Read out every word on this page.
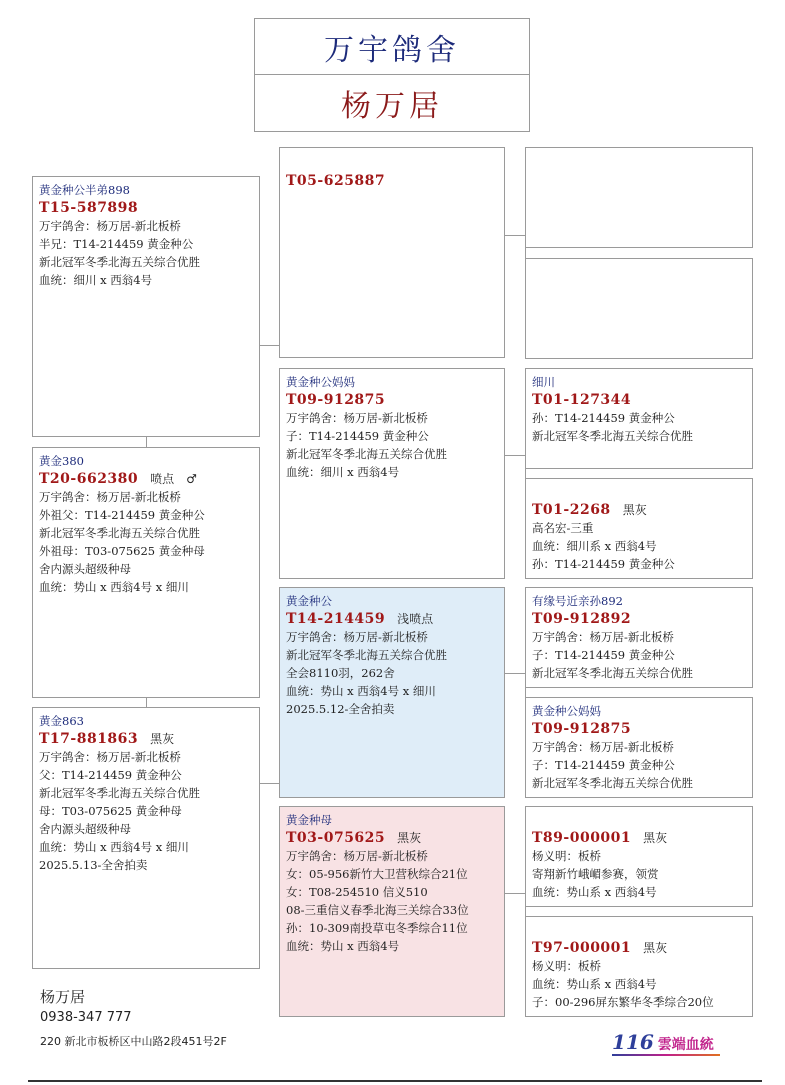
万宇鸽舍
杨万居
黄金种公半弟898
T15-587898
万宇鸽舍：杨万居-新北板桥
半兄：T14-214459 黄金种公
新北冠军冬季北海五关综合优胜
血统：细川 x 西翁4号
黄金380
T20-662380 喷点　♂
万宇鸽舍：杨万居-新北板桥
外祖父：T14-214459 黄金种公
新北冠军冬季北海五关综合优胜
外祖母：T03-075625 黄金种母
舍内源头超级种母
血统：势山 x 西翁4号 x 细川
黄金863
T17-881863 黑灰
万宇鸽舍：杨万居-新北板桥
父：T14-214459 黄金种公
新北冠军冬季北海五关综合优胜
母：T03-075625 黄金种母
舍内源头超级种母
血统：势山 x 西翁4号 x 细川
2025.5.13-全舍拍卖
T05-625887
黄金种公妈妈
T09-912875
万宇鸽舍：杨万居-新北板桥
子：T14-214459 黄金种公
新北冠军冬季北海五关综合优胜
血统：细川 x 西翁4号
黄金种公
T14-214459 浅喷点
万宇鸽舍：杨万居-新北板桥
新北冠军冬季北海五关综合优胜
全会8110羽，262舍
血统：势山 x 西翁4号 x 细川
2025.5.12-全舍拍卖
黄金种母
T03-075625 黑灰
万宇鸽舍：杨万居-新北板桥
女：05-956新竹大卫营秋综合21位
女：T08-254510 信义510
08-三重信义春季北海三关综合33位
孙：10-309南投草屯冬季综合11位
血统：势山 x 西翁4号
细川
T01-127344
孙：T14-214459 黄金种公
新北冠军冬季北海五关综合优胜
T01-2268 黑灰
高名宏-三重
血统：细川系 x 西翁4号
孙：T14-214459 黄金种公
有缘号近亲孙892
T09-912892
万宇鸽舍：杨万居-新北板桥
子：T14-214459 黄金种公
新北冠军冬季北海五关综合优胜
黄金种公妈妈
T09-912875
万宇鸽舍：杨万居-新北板桥
子：T14-214459 黄金种公
新北冠军冬季北海五关综合优胜
T89-000001 黑灰
杨义明：板桥
寄翔新竹峨嵋参赛，领赏
血统：势山系 x 西翁4号
T97-000001 黑灰
杨义明：板桥
血统：势山系 x 西翁4号
子：00-296屏东繁华冬季综合20位
杨万居
0938-347 777
220 新北市板桥区中山路2段451号2F	116 雲端血統
